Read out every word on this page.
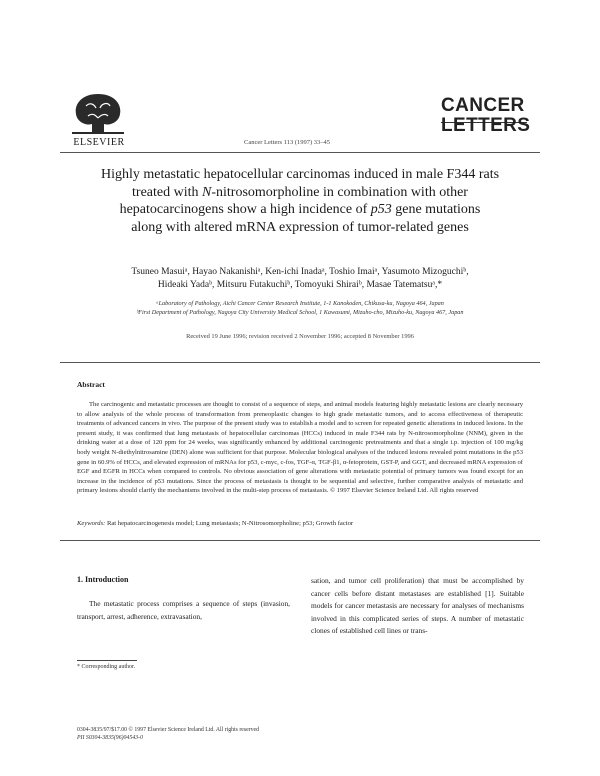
ELSEVIER	Cancer Letters 113 (1997) 33–45
CANCER
LETTERS
Highly metastatic hepatocellular carcinomas induced in male F344 rats
treated with N-nitrosomorpholine in combination with other
hepatocarcinogens show a high incidence of p53 gene mutations
along with altered mRNA expression of tumor-related genes
Tsuneo Masuiᵃ, Hayao Nakanishiᵃ, Ken-ichi Inadaᵃ, Toshio Imaiᵃ, Yasumoto Mizoguchiᵇ,
Hideaki Yadaᵇ, Mitsuru Futakuchiᵇ, Tomoyuki Shiraiᵇ, Masae Tatematsuᵃ,*
ᵃLaboratory of Pathology, Aichi Cancer Center Research Institute, 1-1 Kanokoden, Chikusa-ku, Nagoya 464, Japan
ᵇFirst Department of Pathology, Nagoya City University Medical School, 1 Kawasumi, Mizuho-cho, Mizuho-ku, Nagoya 467, Japan
Received 19 June 1996; revision received 2 November 1996; accepted 8 November 1996
Abstract
The carcinogenic and metastatic processes are thought to consist of a sequence of steps, and animal models featuring highly metastatic lesions are clearly necessary to allow analysis of the whole process of transformation from preneoplastic changes to high grade metastatic tumors, and to access effectiveness of therapeutic treatments of advanced cancers in vivo. The purpose of the present study was to establish a model and to screen for repeated genetic alterations in induced lesions. In the present study, it was confirmed that lung metastasis of hepatocellular carcinomas (HCCs) induced in male F344 rats by N-nitrosomorpholine (NNM), given in the drinking water at a dose of 120 ppm for 24 weeks, was significantly enhanced by additional carcinogenic pretreatments and that a single i.p. injection of 100 mg/kg body weight N-diethylnitrosamine (DEN) alone was sufficient for that purpose. Molecular biological analyses of the induced lesions revealed point mutations in the p53 gene in 60.9% of HCCs, and elevated expression of mRNAs for p53, c-myc, c-fos, TGF-α, TGF-β1, α-fetoprotein, GST-P, and GGT, and decreased mRNA expression of EGF and EGFR in HCCs when compared to controls. No obvious association of gene alterations with metastatic potential of primary tumors was found except for an increase in the incidence of p53 mutations. Since the process of metastasis is thought to be sequential and selective, further comparative analysis of metastatic and primary lesions should clarify the mechanisms involved in the multi-step process of metastasis. © 1997 Elsevier Science Ireland Ltd. All rights reserved
Keywords: Rat hepatocarcinogenesis model; Lung metastasis; N-Nitrosomorpholine; p53; Growth factor
1. Introduction
The metastatic process comprises a sequence of steps (invasion, transport, arrest, adherence, extravasation,
sation, and tumor cell proliferation) that must be accomplished by cancer cells before distant metastases are established [1]. Suitable models for cancer metastasis are necessary for analyses of mechanisms involved in this complicated series of steps. A number of metastatic clones of established cell lines or trans-
* Corresponding author.
0304-3835/97/$17.00 © 1997 Elsevier Science Ireland Ltd. All rights reserved
PII S0304-3835(96)04543-0
